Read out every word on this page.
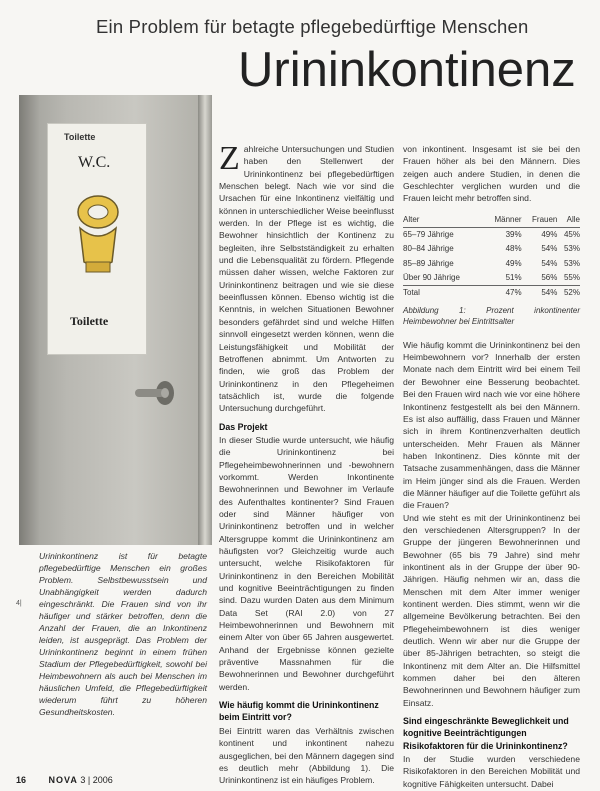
Ein Problem für betagte pflegebedürftige Menschen
Urininkontinenz
Toilette
W.C.
Toilette
Urininkontinenz ist für betagte pflegebedürftige Menschen ein großes Problem. Selbstbewusstsein und Unabhängigkeit werden dadurch eingeschränkt. Die Frauen sind von ihr häufiger und stärker betroffen, denn die Anzahl der Frauen, die an Inkontinenz leiden, ist ausgeprägt. Das Problem der Urininkontinenz beginnt in einem frühen Stadium der Pflegebedürftigkeit, sowohl bei Heimbewohnern als auch bei Menschen im häuslichen Umfeld, die Pflegebedürftigkeit wiederum führt zu höheren Gesundheitskosten.
4|

Zahlreiche Untersuchungen und Studien haben den Stellenwert der Urininkontinenz bei pflegebedürftigen Menschen belegt. Nach wie vor sind die Ursachen für eine Inkontinenz vielfältig und können in unterschiedlicher Weise beeinflusst werden. In der Pflege ist es wichtig, die Bewohner hinsichtlich der Kontinenz zu begleiten, ihre Selbstständigkeit zu erhalten und die Lebensqualität zu fördern. Pflegende müssen daher wissen, welche Faktoren zur Urininkontinenz beitragen und wie sie diese beeinflussen können. Ebenso wichtig ist die Kenntnis, in welchen Situationen Bewohner besonders gefährdet sind und welche Hilfen sinnvoll eingesetzt werden können, wenn die Leistungsfähigkeit und Mobilität der Betroffenen abnimmt. Um Antworten zu finden, wie groß das Problem der Urininkontinenz in den Pflegeheimen tatsächlich ist, wurde die folgende Untersuchung durchgeführt.

Das Projekt

In dieser Studie wurde untersucht, wie häufig die Urininkontinenz bei Pflegeheimbewohnerinnen und -bewohnern vorkommt. Werden Inkontinente Bewohnerinnen und Bewohner im Verlaufe des Aufenthaltes kontinenter? Sind Frauen oder sind Männer häufiger von Urininkontinenz betroffen und in welcher Altersgruppe kommt die Urininkontinenz am häufigsten vor? Gleichzeitig wurde auch untersucht, welche Risikofaktoren für Urininkontinenz in den Bereichen Mobilität und kognitive Beeinträchtigungen zu finden sind. Dazu wurden Daten aus dem Minimum Data Set (RAI 2.0) von 27 Heimbewohnerinnen und Bewohnern mit einem Alter von über 65 Jahren ausgewertet. Anhand der Ergebnisse können gezielte präventive Massnahmen für die Bewohnerinnen und Bewohner durchgeführt werden.

Wie häufig kommt die Urininkontinenz beim Eintritt vor?

Bei Eintritt waren das Verhältnis zwischen kontinent und inkontinent nahezu ausgeglichen, bei den Männern dagegen sind es deutlich mehr (Abbildung 1). Die Urininkontinenz ist ein häufiges Problem.

von inkontinent. Insgesamt ist sie bei den Frauen höher als bei den Männern. Dies zeigen auch andere Studien, in denen die Geschlechter verglichen wurden und die Frauen leicht mehr betroffen sind.

Alter	Männer	Frauen	Alle
65–79 Jährige	39%	49%	45%
80–84 Jährige	48%	54%	53%
85–89 Jährige	49%	54%	53%
Über 90 Jährige	51%	56%	55%
Total	47%	54%	52%
Abbildung 1: Prozent inkontinenter Heimbewohner bei Eintrittsalter

Wie häufig kommt die Urininkontinenz bei den Heimbewohnern vor? Innerhalb der ersten Monate nach dem Eintritt wird bei einem Teil der Bewohner eine Besserung beobachtet. Bei den Frauen wird nach wie vor eine höhere Inkontinenz festgestellt als bei den Männern. Es ist also auffällig, dass Frauen und Männer sich in ihrem Kontinenzverhalten deutlich unterscheiden. Mehr Frauen als Männer haben Inkontinenz. Dies könnte mit der Tatsache zusammenhängen, dass die Männer im Heim jünger sind als die Frauen. Werden die Männer häufiger auf die Toilette geführt als die Frauen?

Und wie steht es mit der Urininkontinenz bei den verschiedenen Altersgruppen? In der Gruppe der jüngeren Bewohnerinnen und Bewohner (65 bis 79 Jahre) sind mehr inkontinent als in der Gruppe der über 90-Jährigen. Häufig nehmen wir an, dass die Menschen mit dem Alter immer weniger kontinent werden. Dies stimmt, wenn wir die allgemeine Bevölkerung betrachten. Bei den Pflegeheimbewohnern ist dies weniger deutlich. Wenn wir aber nur die Gruppe der über 85-Jährigen betrachten, so steigt die Inkontinenz mit dem Alter an. Die Hilfsmittel kommen daher bei den älteren Bewohnerinnen und Bewohnern häufiger zum Einsatz.

Sind eingeschränkte Beweglichkeit und kognitive Beeinträchtigungen Risikofaktoren für die Urininkontinenz?

In der Studie wurden verschiedene Risikofaktoren in den Bereichen Mobilität und kognitive Fähigkeiten untersucht. Dabei

16	NOVA 3 | 2006
